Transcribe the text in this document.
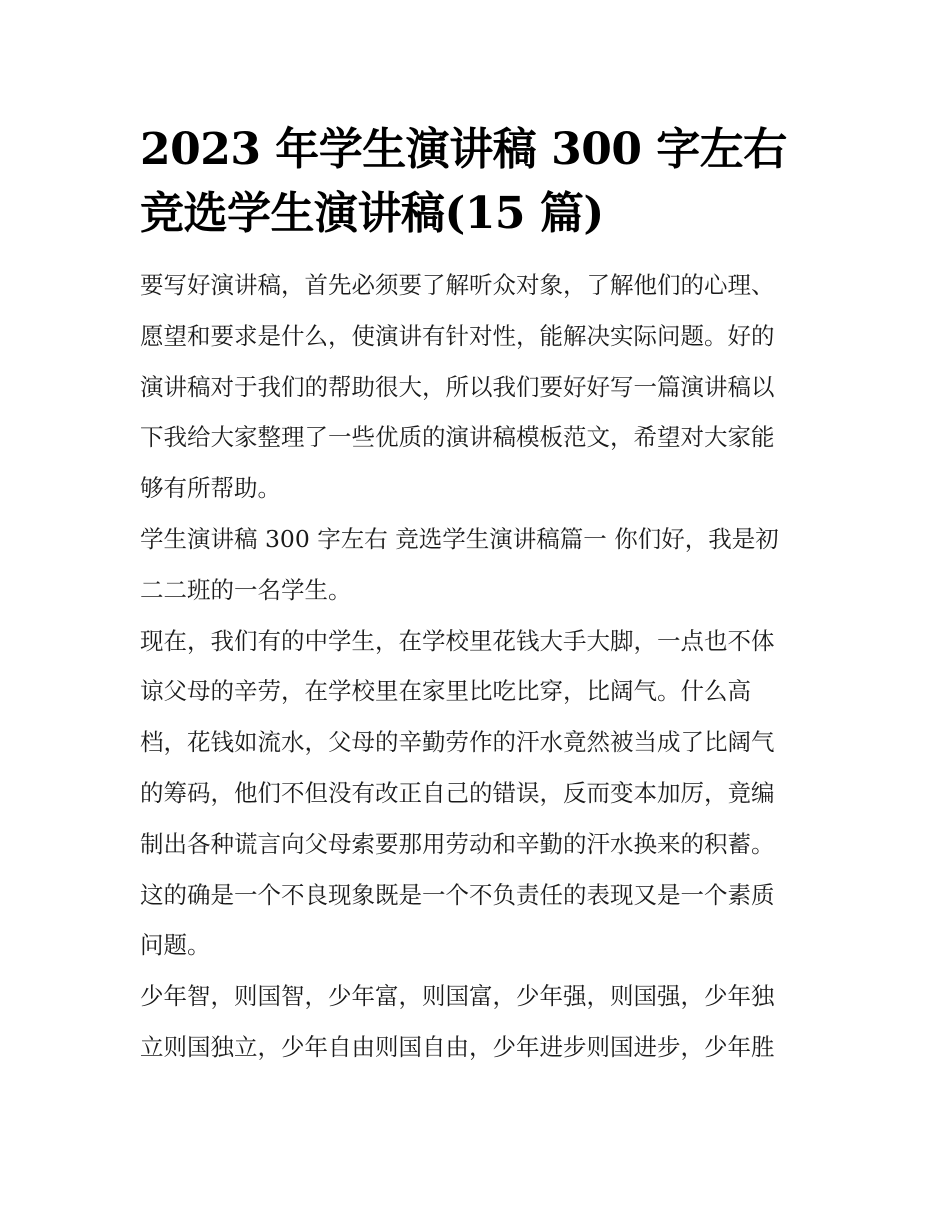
2023 年学生演讲稿 300 字左右
竞选学生演讲稿(15 篇)

要写好演讲稿，首先必须要了解听众对象，了解他们的心理、
愿望和要求是什么，使演讲有针对性，能解决实际问题。好的
演讲稿对于我们的帮助很大，所以我们要好好写一篇演讲稿以
下我给大家整理了一些优质的演讲稿模板范文，希望对大家能
够有所帮助。

学生演讲稿 300 字左右 竞选学生演讲稿篇一 你们好，我是初
二二班的一名学生。

现在，我们有的中学生，在学校里花钱大手大脚，一点也不体
谅父母的辛劳，在学校里在家里比吃比穿，比阔气。什么高
档，花钱如流水，父母的辛勤劳作的汗水竟然被当成了比阔气
的筹码，他们不但没有改正自己的错误，反而变本加厉，竟编
制出各种谎言向父母索要那用劳动和辛勤的汗水换来的积蓄。
这的确是一个不良现象既是一个不负责任的表现又是一个素质
问题。

少年智，则国智，少年富，则国富，少年强，则国强，少年独
立则国独立，少年自由则国自由，少年进步则国进步，少年胜
